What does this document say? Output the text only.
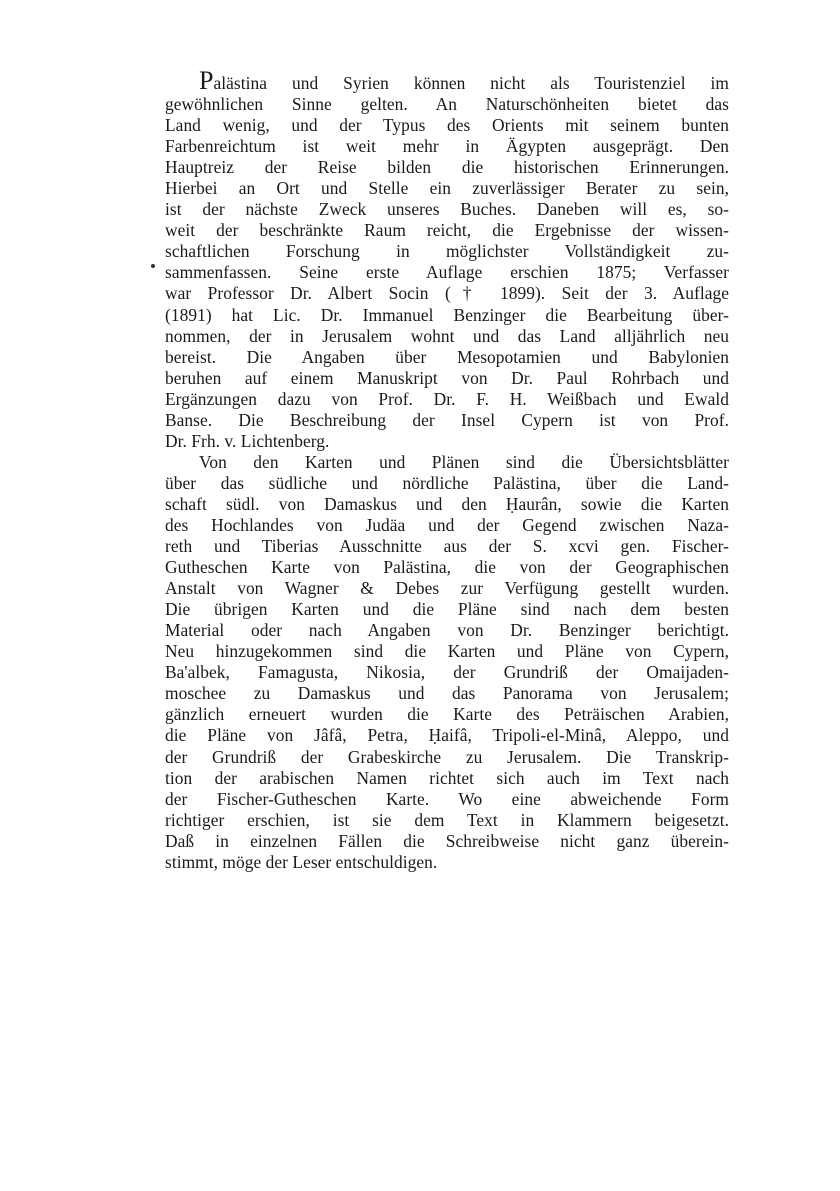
Palästina und Syrien können nicht als Touristenziel im
gewöhnlichen Sinne gelten. An Naturschönheiten bietet das
Land wenig, und der Typus des Orients mit seinem bunten
Farbenreichtum ist weit mehr in Ägypten ausgeprägt. Den
Hauptreiz der Reise bilden die historischen Erinnerungen.
Hierbei an Ort und Stelle ein zuverlässiger Berater zu sein,
ist der nächste Zweck unseres Buches. Daneben will es, so-
weit der beschränkte Raum reicht, die Ergebnisse der wissen-
schaftlichen Forschung in möglichster Vollständigkeit zu-
sammenfassen. Seine erste Auflage erschien 1875; Verfasser
war Professor Dr. Albert Socin († 1899). Seit der 3. Auflage
(1891) hat Lic. Dr. Immanuel Benzinger die Bearbeitung über-
nommen, der in Jerusalem wohnt und das Land alljährlich neu
bereist. Die Angaben über Mesopotamien und Babylonien
beruhen auf einem Manuskript von Dr. Paul Rohrbach und
Ergänzungen dazu von Prof. Dr. F. H. Weißbach und Ewald
Banse. Die Beschreibung der Insel Cypern ist von Prof.
Dr. Frh. v. Lichtenberg.
Von den Karten und Plänen sind die Übersichtsblätter
über das südliche und nördliche Palästina, über die Land-
schaft südl. von Damaskus und den Ḥaurân, sowie die Karten
des Hochlandes von Judäa und der Gegend zwischen Naza-
reth und Tiberias Ausschnitte aus der S. xcvi gen. Fischer-
Gutheschen Karte von Palästina, die von der Geographischen
Anstalt von Wagner & Debes zur Verfügung gestellt wurden.
Die übrigen Karten und die Pläne sind nach dem besten
Material oder nach Angaben von Dr. Benzinger berichtigt.
Neu hinzugekommen sind die Karten und Pläne von Cypern,
Ba'albek, Famagusta, Nikosia, der Grundriß der Omaijaden-
moschee zu Damaskus und das Panorama von Jerusalem;
gänzlich erneuert wurden die Karte des Peträischen Arabien,
die Pläne von Jâfâ, Petra, Ḥaifâ, Tripoli-el-Minâ, Aleppo, und
der Grundriß der Grabeskirche zu Jerusalem. Die Transkrip-
tion der arabischen Namen richtet sich auch im Text nach
der Fischer-Gutheschen Karte. Wo eine abweichende Form
richtiger erschien, ist sie dem Text in Klammern beigesetzt.
Daß in einzelnen Fällen die Schreibweise nicht ganz überein-
stimmt, möge der Leser entschuldigen.
